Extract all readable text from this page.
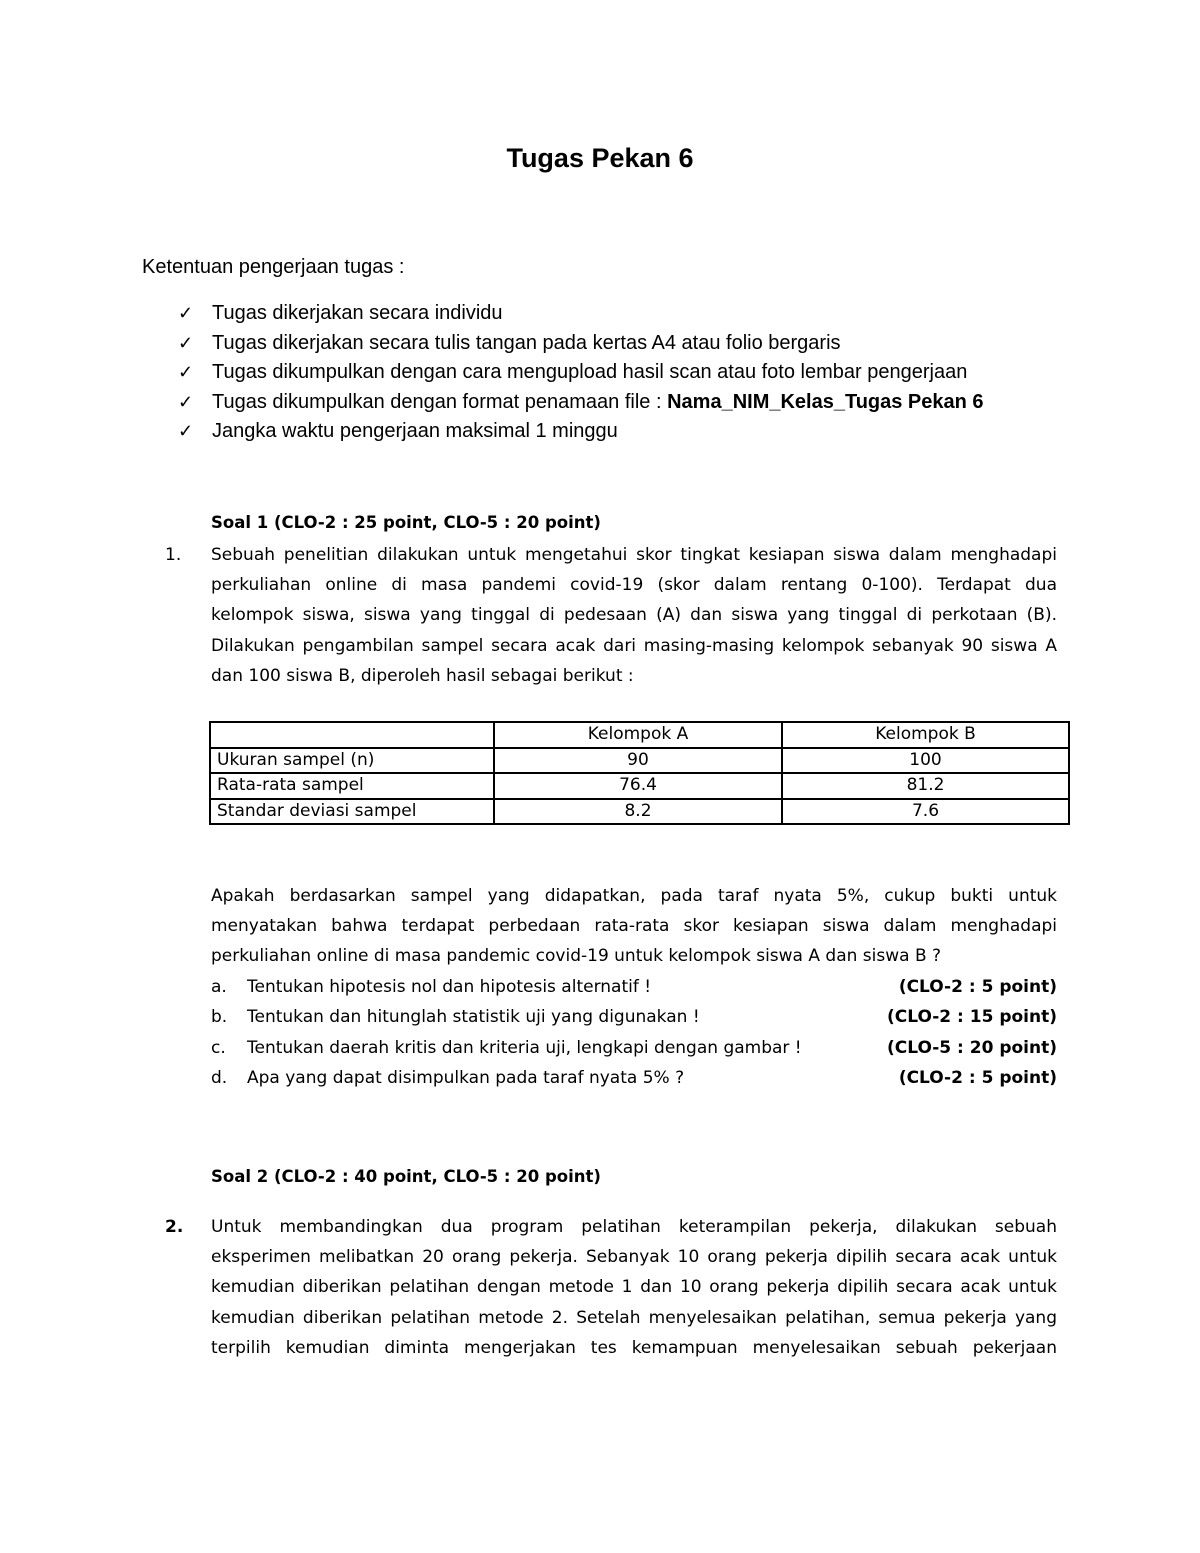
Tugas Pekan 6
Ketentuan pengerjaan tugas :
✓ Tugas dikerjakan secara individu
✓ Tugas dikerjakan secara tulis tangan pada kertas A4 atau folio bergaris
✓ Tugas dikumpulkan dengan cara mengupload hasil scan atau foto lembar pengerjaan
✓ Tugas dikumpulkan dengan format penamaan file : Nama_NIM_Kelas_Tugas Pekan 6
✓ Jangka waktu pengerjaan maksimal 1 minggu
Soal 1 (CLO-2 : 25 point, CLO-5 : 20 point)
1. Sebuah penelitian dilakukan untuk mengetahui skor tingkat kesiapan siswa dalam menghadapi
perkuliahan online di masa pandemi covid-19 (skor dalam rentang 0-100). Terdapat dua
kelompok siswa, siswa yang tinggal di pedesaan (A) dan siswa yang tinggal di perkotaan (B).
Dilakukan pengambilan sampel secara acak dari masing-masing kelompok sebanyak 90 siswa A
dan 100 siswa B, diperoleh hasil sebagai berikut :
	Kelompok A	Kelompok B
Ukuran sampel (n)	90	100
Rata-rata sampel	76.4	81.2
Standar deviasi sampel	8.2	7.6
Apakah berdasarkan sampel yang didapatkan, pada taraf nyata 5%, cukup bukti untuk
menyatakan bahwa terdapat perbedaan rata-rata skor kesiapan siswa dalam menghadapi
perkuliahan online di masa pandemic covid-19 untuk kelompok siswa A dan siswa B ?
a. Tentukan hipotesis nol dan hipotesis alternatif !	(CLO-2 : 5 point)
b. Tentukan dan hitunglah statistik uji yang digunakan !	(CLO-2 : 15 point)
c. Tentukan daerah kritis dan kriteria uji, lengkapi dengan gambar !	(CLO-5 : 20 point)
d. Apa yang dapat disimpulkan pada taraf nyata 5% ?	(CLO-2 : 5 point)
Soal 2 (CLO-2 : 40 point, CLO-5 : 20 point)
2. Untuk membandingkan dua program pelatihan keterampilan pekerja, dilakukan sebuah
eksperimen melibatkan 20 orang pekerja. Sebanyak 10 orang pekerja dipilih secara acak untuk
kemudian diberikan pelatihan dengan metode 1 dan 10 orang pekerja dipilih secara acak untuk
kemudian diberikan pelatihan metode 2. Setelah menyelesaikan pelatihan, semua pekerja yang
terpilih kemudian diminta mengerjakan tes kemampuan menyelesaikan sebuah pekerjaan
